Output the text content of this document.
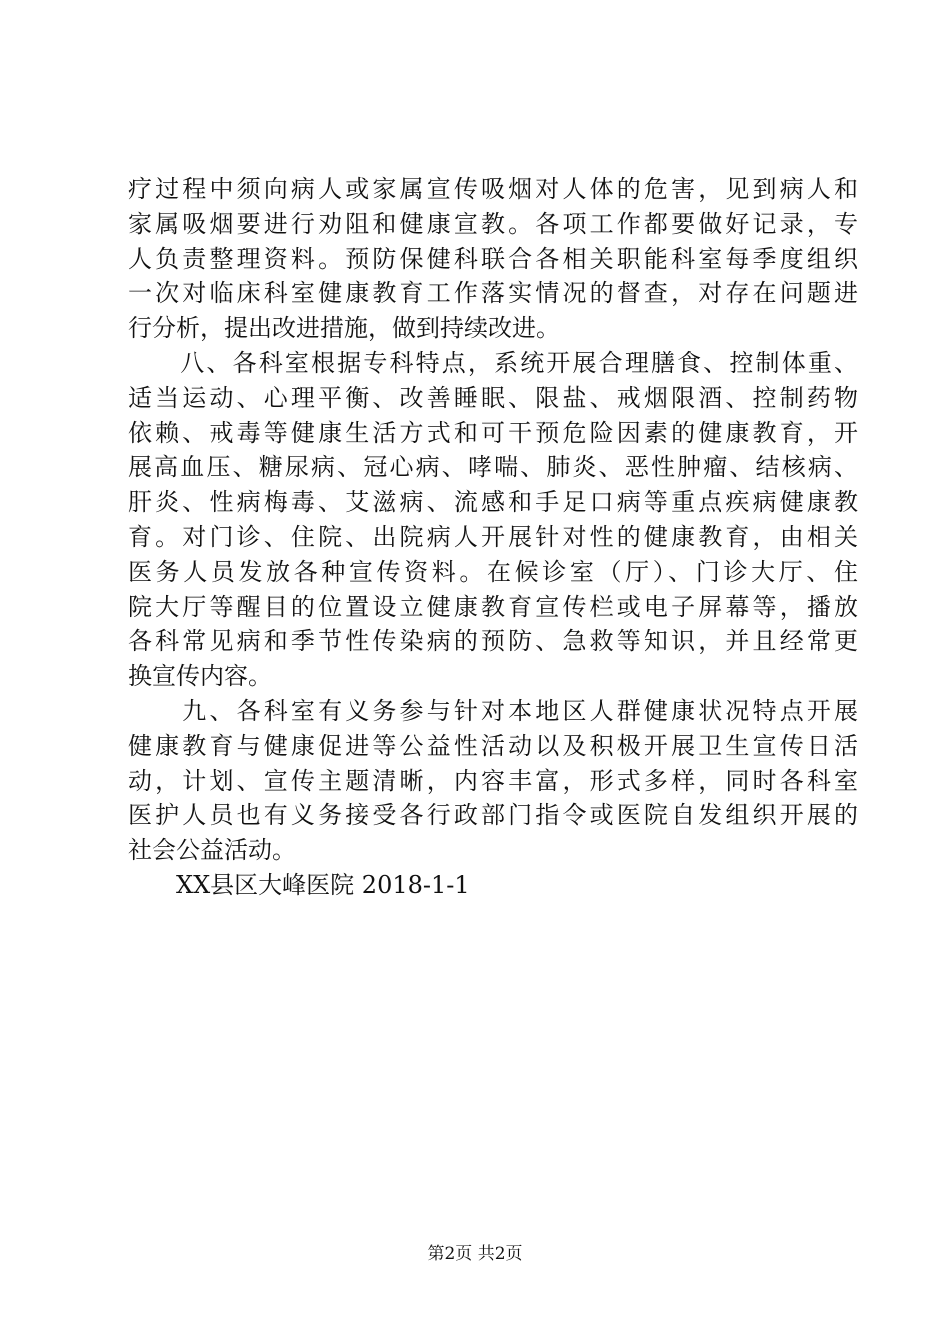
疗过程中须向病人或家属宣传吸烟对人体的危害，见到病人和
家属吸烟要进行劝阻和健康宣教。各项工作都要做好记录，专
人负责整理资料。预防保健科联合各相关职能科室每季度组织
一次对临床科室健康教育工作落实情况的督查，对存在问题进
行分析，提出改进措施，做到持续改进。
　　八、各科室根据专科特点，系统开展合理膳食、控制体重、
适当运动、心理平衡、改善睡眠、限盐、戒烟限酒、控制药物
依赖、戒毒等健康生活方式和可干预危险因素的健康教育，开
展高血压、糖尿病、冠心病、哮喘、肺炎、恶性肿瘤、结核病、
肝炎、性病梅毒、艾滋病、流感和手足口病等重点疾病健康教
育。对门诊、住院、出院病人开展针对性的健康教育，由相关
医务人员发放各种宣传资料。在候诊室（厅）、门诊大厅、住
院大厅等醒目的位置设立健康教育宣传栏或电子屏幕等，播放
各科常见病和季节性传染病的预防、急救等知识，并且经常更
换宣传内容。
　　九、各科室有义务参与针对本地区人群健康状况特点开展
健康教育与健康促进等公益性活动以及积极开展卫生宣传日活
动，计划、宣传主题清晰，内容丰富，形式多样，同时各科室
医护人员也有义务接受各行政部门指令或医院自发组织开展的
社会公益活动。
　　XX县区大峰医院 2018-1-1
第2页 共2页
